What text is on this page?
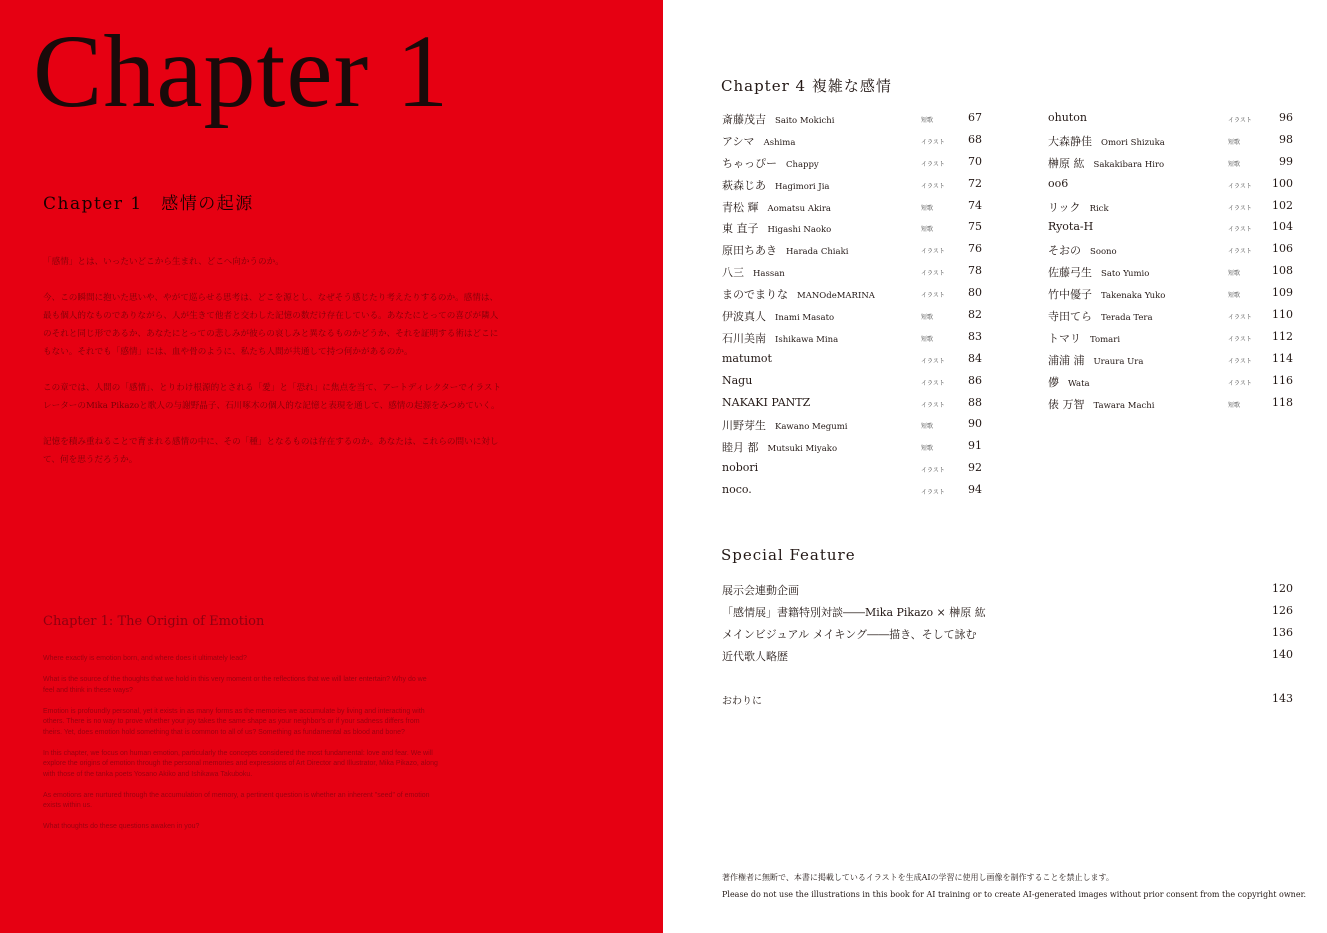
Chapter 1
Chapter 1　感情の起源

「感情」とは、いったいどこから生まれ、どこへ向かうのか。

今、この瞬間に抱いた思いや、やがて巡らせる思考は、どこを源とし、なぜそう感じたり考えたりするのか。感情は、最も個人的なものでありながら、人が生きて他者と交わした記憶の数だけ存在している。あなたにとっての喜びが隣人のそれと同じ形であるか、あなたにとっての悲しみが彼らの哀しみと異なるものかどうか、それを証明する術はどこにもない。それでも「感情」には、血や骨のように、私たち人間が共通して持つ何かがあるのか。

この章では、人間の「感情」、とりわけ根源的とされる「愛」と「恐れ」に焦点を当て、アートディレクターでイラストレーターのMika Pikazoと歌人の与謝野晶子、石川啄木の個人的な記憶と表現を通して、感情の起源をみつめていく。

記憶を積み重ねることで育まれる感情の中に、その「種」となるものは存在するのか。あなたは、これらの問いに対して、何を思うだろうか。

Chapter 1: The Origin of Emotion

Where exactly is emotion born, and where does it ultimately lead?

What is the source of the thoughts that we hold in this very moment or the reflections that we will later entertain? Why do we feel and think in these ways?

Emotion is profoundly personal, yet it exists in as many forms as the memories we accumulate by living and interacting with others. There is no way to prove whether your joy takes the same shape as your neighbor's or if your sadness differs from theirs. Yet, does emotion hold something that is common to all of us? Something as fundamental as blood and bone?

In this chapter, we focus on human emotion, particularly the concepts considered the most fundamental: love and fear. We will explore the origins of emotion through the personal memories and expressions of Art Director and Illustrator, Mika Pikazo, along with those of the tanka poets Yosano Akiko and Ishikawa Takuboku.

As emotions are nurtured through the accumulation of memory, a pertinent question is whether an inherent "seed" of emotion exists within us.

What thoughts do these questions awaken in you?

Chapter 4 複雑な感情
斎藤茂吉 Saito Mokichi	短歌	67
アシマ Ashima	イラスト 68
ちゃっぴー Chappy	イラスト 70
萩森じあ Hagimori Jia	イラスト 72
青松 輝 Aomatsu Akira	短歌	74
東 直子 Higashi Naoko	短歌	75
原田ちあき Harada Chiaki	イラスト 76
八三 Hassan	イラスト 78
まのでまりな MANOdeMARINA	イラスト 80
伊波真人 Inami Masato	短歌	82
石川美南 Ishikawa Mina	短歌	83
matumot	イラスト 84
Nagu	イラスト 86
NAKAKI PANTZ	イラスト 88
川野芽生 Kawano Megumi	短歌	90
睦月 都 Mutsuki Miyako	短歌	91
nobori	イラスト 92
noco.	イラスト 94
ohuton	イラスト 96
大森静佳 Omori Shizuka	短歌	98
榊原 紘 Sakakibara Hiro	短歌	99
oo6	イラスト 100
リック Rick	イラスト 102
Ryota-H	イラスト 104
そおの Soono	イラスト 106
佐藤弓生 Sato Yumio	短歌	108
竹中優子 Takenaka Yuko	短歌	109
寺田てら Terada Tera	イラスト 110
トマリ Tomari	イラスト 112
浦浦 浦 Uraura Ura	イラスト 114
儚 Wata	イラスト 116
俵 万智 Tawara Machi	短歌	118
Special Feature
展示会連動企画	120
「感情展」書籍特別対談――Mika Pikazo × 榊原 紘	126
メインビジュアル メイキング――描き、そして詠む	136
近代歌人略歴	140
おわりに	143
著作権者に無断で、本書に掲載しているイラストを生成AIの学習に使用し画像を制作することを禁止します。
Please do not use the illustrations in this book for AI training or to create AI-generated images without prior consent from the copyright owner.
